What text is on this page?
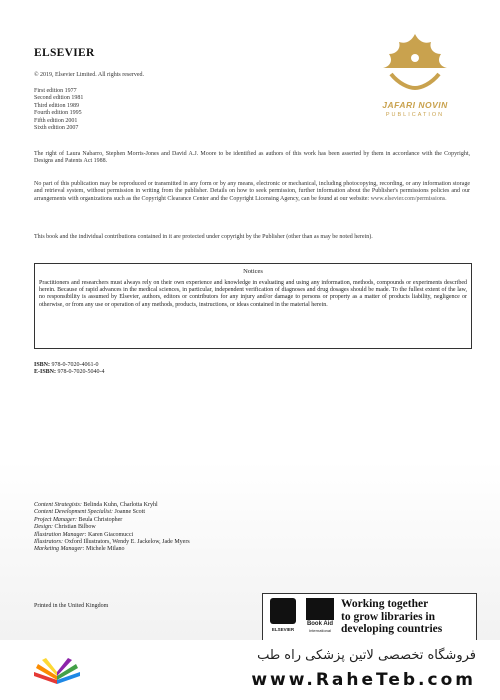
ELSEVIER
JAFARI NOVIN
PUBLICATION
© 2019, Elsevier Limited. All rights reserved.
First edition 1977
Second edition 1981
Third edition 1989
Fourth edition 1995
Fifth edition 2001
Sixth edition 2007
The right of Laura Nabarro, Stephen Morris-Jones and David A.J. Moore to be identified as authors of this work has been asserted by them in accordance with the Copyright, Designs and Patents Act 1988.
No part of this publication may be reproduced or transmitted in any form or by any means, electronic or mechanical, including photocopying, recording, or any information storage and retrieval system, without permission in writing from the publisher. Details on how to seek permission, further information about the Publisher's permissions policies and our arrangements with organizations such as the Copyright Clearance Center and the Copyright Licensing Agency, can be found at our website: www.elsevier.com/permissions.
This book and the individual contributions contained in it are protected under copyright by the Publisher (other than as may be noted herein).
Notices
Practitioners and researchers must always rely on their own experience and knowledge in evaluating and using any information, methods, compounds or experiments described herein. Because of rapid advances in the medical sciences, in particular, independent verification of diagnoses and drug dosages should be made. To the fullest extent of the law, no responsibility is assumed by Elsevier, authors, editors or contributors for any injury and/or damage to persons or property as a matter of products liability, negligence or otherwise, or from any use or operation of any methods, products, instructions, or ideas contained in the material herein.
ISBN: 978-0-7020-4061-0
E-ISBN: 978-0-7020-5040-4
Content Strategists: Belinda Kuhn, Charlotta Kryhl
Content Development Specialist: Joanne Scott
Project Manager: Beula Christopher
Design: Christian Bilbow
Illustration Manager: Karen Giacomucci
Illustrators: Oxford Illustrators, Wendy E. Jackelow, Jade Myers
Marketing Manager: Michele Milano
ELSEVIER
Book Aid
International
Working together
to grow libraries in
developing countries
Printed in the United Kingdom
فروشگاه تخصصی لاتین پزشکی راه طب
www.RaheTeb.com
